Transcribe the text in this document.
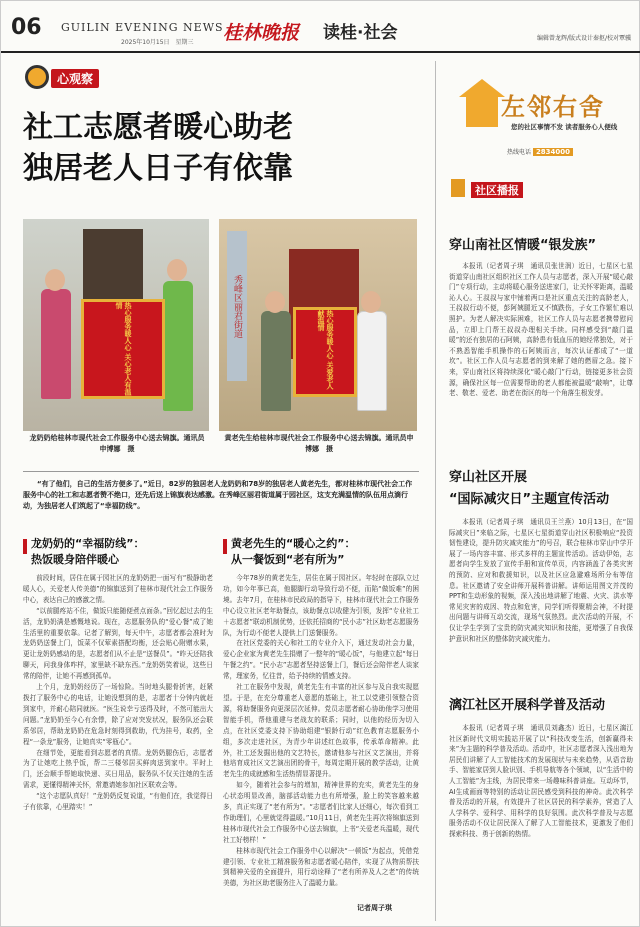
06 GUILIN EVENING NEWS
2025年10月15日　星期三 桂林晚报 读桂·社会	编辑曾龙辉/版式设计秦抠/校对覃骥
心观察
社工志愿者暖心助老
独居老人日子有依靠
热心服务暖人心 关心老人有温情
龙奶奶给桂林市现代社会工作服务中心送去锦旗。通讯员申博娜　摄
秀峰区丽君街道
热心服务暖人心 关爱老人献温情
黄老先生给桂林市现代社会工作服务中心送去锦旗。通讯员申博娜　摄
“有了他们，自己的生活方便多了。”近日，82岁的独居老人龙奶奶和78岁的独居老人黄老先生，都对桂林市现代社会工作服务中心的社工和志愿者赞不绝口，还先后送上锦旗表达感激。在秀峰区丽君街道属于园社区，这支充满温情的队伍用点滴行动，为独居老人们筑起了“幸福防线”。
龙奶奶的“幸福防线”：
热饭暖身陪伴暖心

前段时间，居住在属于园社区的龙奶奶把一面写有“极静助老暖人心，关爱老人传美德”的锦旗送到了桂林市现代社会工作服务中心，表达自己的感激之情。

“以前腿疼站不住，做饭只能随便煮点面条。”回忆起过去的生活，龙奶奶满是感慨地说。现在，志愿服务队的“爱心餐”成了她生活里的重要依靠。记者了解到，每天中午，志愿者都会准时为龙奶奶送餐上门，饭菜不仅荤素搭配均衡，还会贴心附赠水果，更让龙奶奶感动的是，志愿者们从不止是“送餐员”。“昨天还陪我聊天，问我身体咋样，家里缺不缺东西。”龙奶奶笑着说，这些日常的陪伴，让她不再感到孤单。

上个月，龙奶奶经历了一场惊险。当时地头腿骨折害，赶紧拨打了服务中心的电话，让她没想到的是，志愿者十分钟内就赶到家中，并耐心陪同就医。“医生说幸亏送得及时，不然可能出大问题。”龙奶奶至今心有余悸，除了应对突发状况，服务队还会联系邻居，帮助龙奶奶在危急时刻得到救助，代为挂号，取药，全程“一条龙”服务，让她真实“零瓶心”。

在细节处，更能看到志愿者的真情。龙奶奶腿伤后，志愿者为了让她吃上热乎饭，帮二三楼邻居买鲜肉送到家中。平时上门，还会顺手帮她取快递、买日用品，服务队不仅关注她的生活需求，更懂得精神关怀，常邀请她参加社区联欢会等。

“这个志愿队真好！”龙奶奶反复说道，“有他们在，我觉得日子有依靠，心里踏实！”

黄老先生的“暖心之约”：
从一餐饭到“老有所为”

今年78岁的黄老先生，居住在属于园社区。年轻时在部队立过功，如今年事已高，他腿脚行动导致行动不便，而陷“做饭难”的困境。去年7月，在桂林市民政局的指导下，桂林市现代社会工作服务中心设立社区老年助餐点，该助餐点以收健为引领，发挥“专业社工＋志愿者”联动机制优势，还依托招商的“民小志”社区助老志愿服务队，为行动不便老人提供上门送餐服务。

在社区党委的关心和社工的专业介入下，通过发动社会力量，爱心企业家为黄老先生捐赠了一整年的“暖心饭”，与他建立起“每日午餐之约”。“民小志”志愿者坚持送餐上门，餐后还会陪伴老人谈家常，理家务，忆往昔，给予持续的情感支持。

社工在服务中发现，黄老先生有丰富的社区参与及自我实现愿望。于是，在充分尊重老人意愿的基础上，社工以党建引领整合资源，将助餐服务向更深层次延伸。党员志愿者耐心协助他学习使用智能手机，帮他重建与老战友的联系；同时，以他的经历为切入点，在社区党委支持下协助组建“银龄行动”红色教育志愿服务小组，多次走进社区，为青少年讲述红色故事，传承革命精神。此外，社工还发掘出他的文艺特长，邀请他参与社区文艺演出，并将他培育成社区文艺演出团的骨干，每周定期开展的教学活动，让黄老先生的成就感和生活热情显著提升。

如今，随着社会参与的增加，精神世界的充实，黄老先生的身心状态明显改善，脑部活动能力也有所增强，脸上的笑容越来越多，真正实现了“老有所为”。“志愿者们比家人还细心，每次看到工作助理们，心里就觉得温暖。”10月11日，黄老先生再次将锦旗送到桂林市现代社会工作服务中心送去锦旗，上书“关爱老兵温暖，现代社工好榜样！”

桂林市现代社会工作服务中心以解决“一顿饭”为起点，凭借党建引领、专业社工精准服务和志愿者暖心陪伴，实现了从物质帮扶到精神关爱的全面提升，用行动诠释了“老有所养及人之老”的传统美德，为社区助老服务注入了温暖力量。

记者周子琪
左邻右舍
您的社区事情不发 读者服务心人便线
热线电话 2834000
社区播报
穿山南社区情暖“银发族”
本报讯（记者周子琪　通讯员张世润）近日，七星区七星街道穿山南社区组织社区工作人员与志愿者，深入开展“暖心敲门”专项行动，主动将暖心服务送进家门，让关怀零距离，温暖沁人心。王叔叔与家中铺着两口是社区重点关注的高龄老人，王叔叔行动不便，彭阿姨腿近又不慎跌伤，子女工作繁忙难以照护。为老人解决实际困难，社区工作人员与志愿者携带慰问品，立即上门帮王叔叔办理相关手续。同样感受到“敲门温暖”的还有独居的石阿姨，高龄患有低血压的她经常独处，对于不熟悉智能手机操作的石阿姨而言，每次认证都成了“一道坎”。社区工作人员与志愿者的到来解了她的燃眉之急。接下来，穿山南社区将持续深化“暖心敲门”行动，链接更多社会资源，确保社区每一位需要帮助的老人都能被温暖“敲响”，让尊老、敬老、爱老、助老在街区的每一个角落生根发芽。
穿山社区开展
“国际减灾日”主题宣传活动
本报讯（记者周子琪　通讯员王兰燕）10月13日，在“国际减灾日”来临之际，七星区七星街道穿山社区积极响应“投资韧性建设，提升防灾减灾能力”的号召，联合桂林市穿山中学开展了一场内容丰富、形式多样的主题宣传活动。活动伊始，志愿者向学生发放了宣传手册和宣传单页，内容涵盖了各类灾害的预防、应对和救援知识，以及社区应急避难场所分布等信息。社区邀请了安全讲师开展科普讲解。讲师运用图文并茂的PPT和生动形象的视频，深入浅出地讲解了地震、火灾、洪水等常见灾害的成因、特点和危害，同学们听得聚精会神，不时提出问题与讲师互动交流，现场气氛热烈。此次活动的开展，不仅让学生学到了宝贵的防灾减灾知识和技能，更增强了自我保护意识和社区的整体防灾减灾能力。
漓江社区开展科学普及活动
本报讯（记者周子琪　通讯员刘鑫杰）近日，七星区漓江社区新时代文明实践站开展了以“科技改变生活，创新赢得未来”为主题的科学普及活动。活动中，社区志愿者深入浅出地为居民们讲解了人工智能技术的发展现状与未来趋势，从语音助手、智能家居到人脸识别、手机导航等各个领域，以“生活中的人工智能”为主线，为居民带来一场趣味科普讲座。互动环节，AI生成画面等特别的活动让居民感受到科技的神奇。此次科学普及活动的开展，有效提升了社区居民的科学素养，营造了人人学科学、爱科学、用科学的良好氛围。此次科学普及与志愿服务活动不仅让居民深入了解了人工智能技术，更激发了他们探索科技、勇于创新的热情。
